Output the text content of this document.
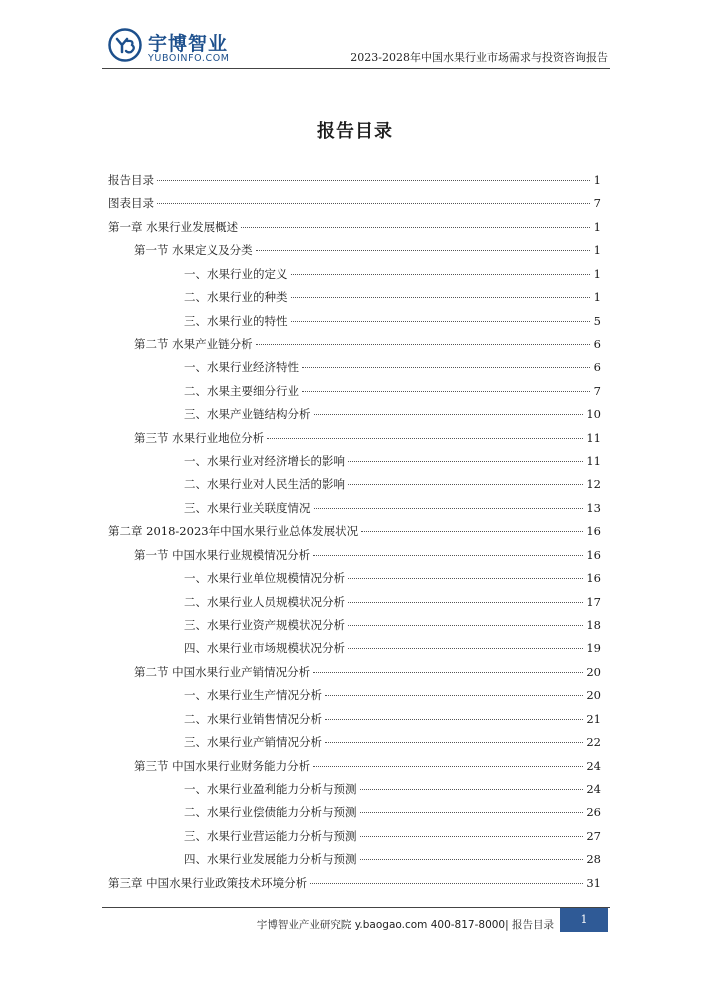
宇博智业
YUBOINFO.COM	2023-2028年中国水果行业市场需求与投资咨询报告
报告目录
报告目录	1
图表目录	7
第一章 水果行业发展概述	1
第一节 水果定义及分类	1
一、水果行业的定义	1
二、水果行业的种类	1
三、水果行业的特性	5
第二节 水果产业链分析	6
一、水果行业经济特性	6
二、水果主要细分行业	7
三、水果产业链结构分析	10
第三节 水果行业地位分析	11
一、水果行业对经济增长的影响	11
二、水果行业对人民生活的影响	12
三、水果行业关联度情况	13
第二章 2018-2023年中国水果行业总体发展状况	16
第一节 中国水果行业规模情况分析	16
一、水果行业单位规模情况分析	16
二、水果行业人员规模状况分析	17
三、水果行业资产规模状况分析	18
四、水果行业市场规模状况分析	19
第二节 中国水果行业产销情况分析	20
一、水果行业生产情况分析	20
二、水果行业销售情况分析	21
三、水果行业产销情况分析	22
第三节 中国水果行业财务能力分析	24
一、水果行业盈利能力分析与预测	24
二、水果行业偿债能力分析与预测	26
三、水果行业营运能力分析与预测	27
四、水果行业发展能力分析与预测	28
第三章 中国水果行业政策技术环境分析	31
宇博智业产业研究院 y.baogao.com 400-817-8000| 报告目录	1
